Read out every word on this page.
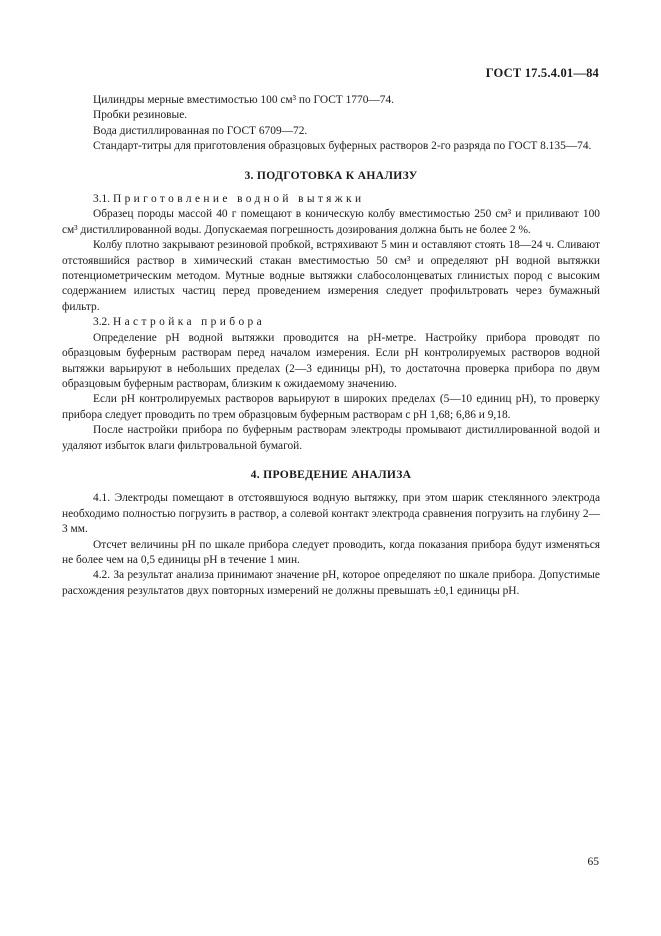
ГОСТ 17.5.4.01—84

Цилиндры мерные вместимостью 100 см³ по ГОСТ 1770—74.

Пробки резиновые.

Вода дистиллированная по ГОСТ 6709—72.

Стандарт-титры для приготовления образцовых буферных растворов 2-го разряда по ГОСТ 8.135—74.

3. ПОДГОТОВКА К АНАЛИЗУ

3.1. Приготовление водной вытяжки

Образец породы массой 40 г помещают в коническую колбу вместимостью 250 см³ и приливают 100 см³ дистиллированной воды. Допускаемая погрешность дозирования должна быть не более 2 %.

Колбу плотно закрывают резиновой пробкой, встряхивают 5 мин и оставляют стоять 18—24 ч. Сливают отстоявшийся раствор в химический стакан вместимостью 50 см³ и определяют рН водной вытяжки потенциометрическим методом. Мутные водные вытяжки слабосолонцеватых глинистых пород с высоким содержанием илистых частиц перед проведением измерения следует профильтровать через бумажный фильтр.

3.2. Настройка прибора

Определение рН водной вытяжки проводится на рН-метре. Настройку прибора проводят по образцовым буферным растворам перед началом измерения. Если рН контролируемых растворов водной вытяжки варьируют в небольших пределах (2—3 единицы рН), то достаточна проверка прибора по двум образцовым буферным растворам, близким к ожидаемому значению.

Если рН контролируемых растворов варьируют в широких пределах (5—10 единиц рН), то проверку прибора следует проводить по трем образцовым буферным растворам с рН 1,68; 6,86 и 9,18.

После настройки прибора по буферным растворам электроды промывают дистиллированной водой и удаляют избыток влаги фильтровальной бумагой.

4. ПРОВЕДЕНИЕ АНАЛИЗА

4.1. Электроды помещают в отстоявшуюся водную вытяжку, при этом шарик стеклянного электрода необходимо полностью погрузить в раствор, а солевой контакт электрода сравнения погрузить на глубину 2—3 мм.

Отсчет величины рН по шкале прибора следует проводить, когда показания прибора будут изменяться не более чем на 0,5 единицы рН в течение 1 мин.

4.2. За результат анализа принимают значение рН, которое определяют по шкале прибора. Допустимые расхождения результатов двух повторных измерений не должны превышать ±0,1 единицы рН.

65
